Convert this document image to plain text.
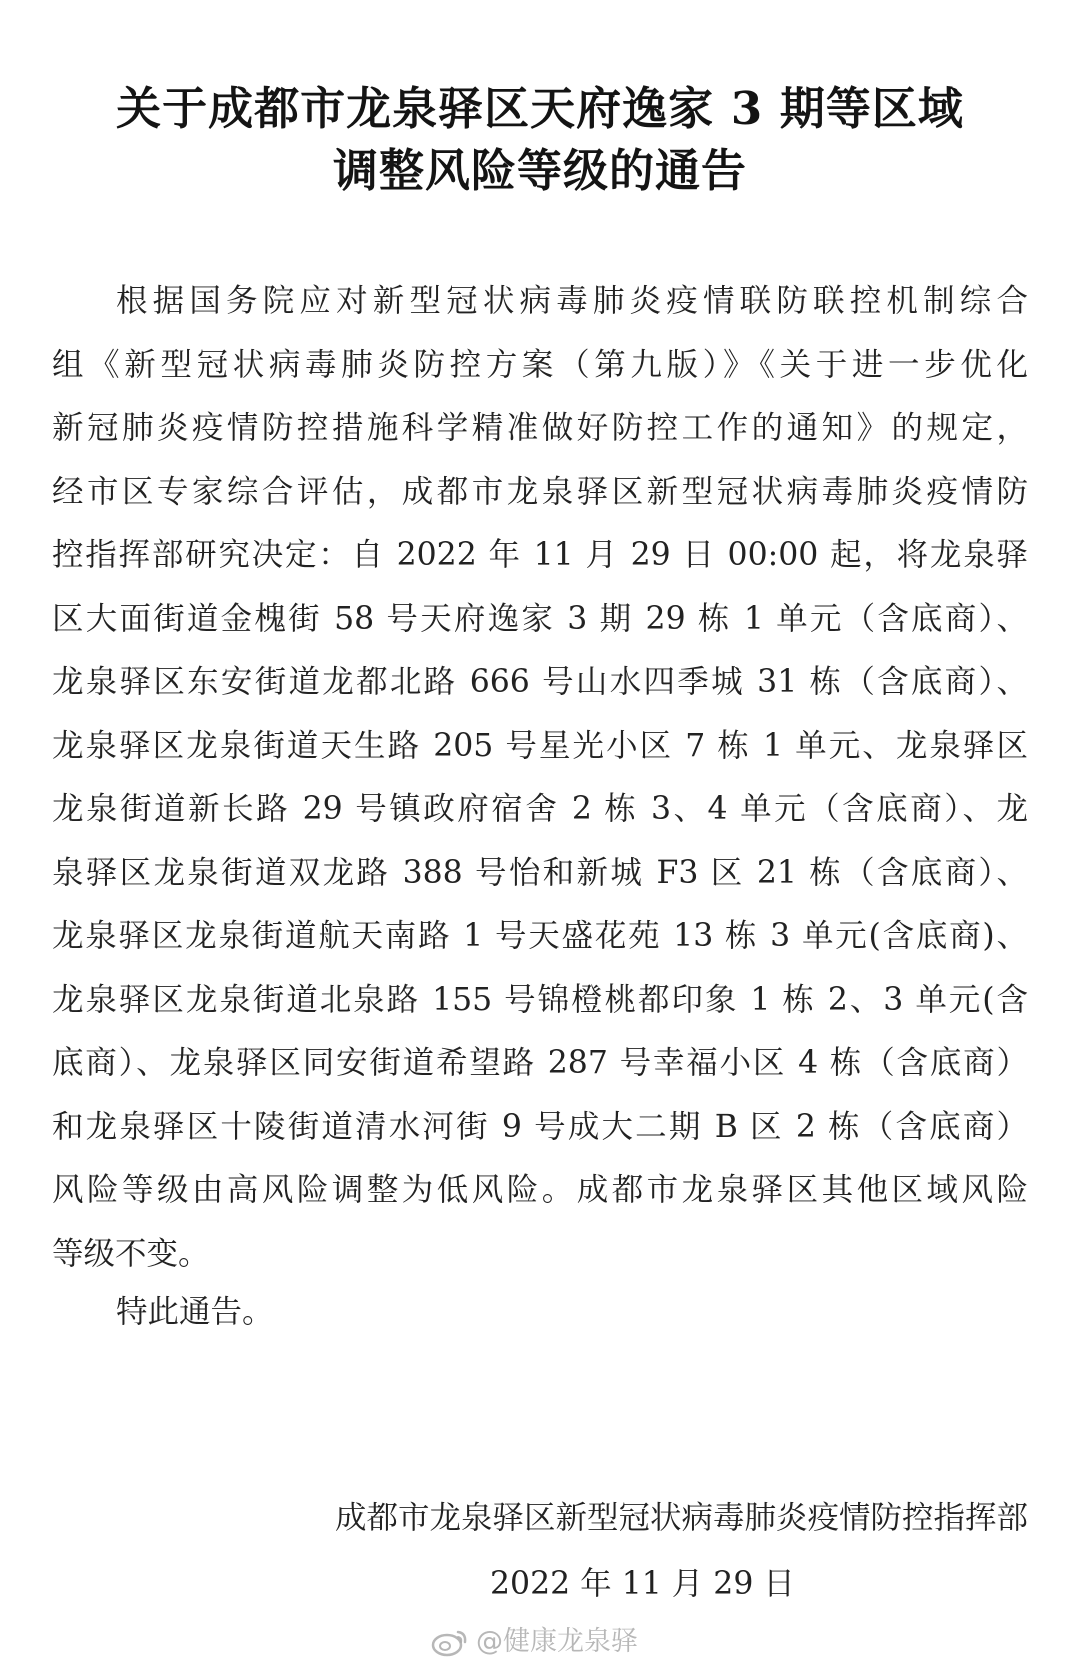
关于成都市龙泉驿区天府逸家 3 期等区域
调整风险等级的通告
根据国务院应对新型冠状病毒肺炎疫情联防联控机制综合
组《新型冠状病毒肺炎防控方案（第九版）》《关于进一步优化
新冠肺炎疫情防控措施科学精准做好防控工作的通知》的规定，
经市区专家综合评估，成都市龙泉驿区新型冠状病毒肺炎疫情防
控指挥部研究决定：自 2022 年 11 月 29 日 00:00 起，将龙泉驿
区大面街道金槐街 58 号天府逸家 3 期 29 栋 1 单元（含底商）、
龙泉驿区东安街道龙都北路 666 号山水四季城 31 栋（含底商）、
龙泉驿区龙泉街道天生路 205 号星光小区 7 栋 1 单元、龙泉驿区
龙泉街道新长路 29 号镇政府宿舍 2 栋 3、4 单元（含底商）、龙
泉驿区龙泉街道双龙路 388 号怡和新城 F3 区 21 栋（含底商）、
龙泉驿区龙泉街道航天南路 1 号天盛花苑 13 栋 3 单元(含底商)、
龙泉驿区龙泉街道北泉路 155 号锦橙桃都印象 1 栋 2、3 单元(含
底商）、龙泉驿区同安街道希望路 287 号幸福小区 4 栋（含底商）
和龙泉驿区十陵街道清水河街 9 号成大二期 B 区 2 栋（含底商）
风险等级由高风险调整为低风险。成都市龙泉驿区其他区域风险
等级不变。
特此通告。
成都市龙泉驿区新型冠状病毒肺炎疫情防控指挥部
2022 年 11 月 29 日
@健康龙泉驿
